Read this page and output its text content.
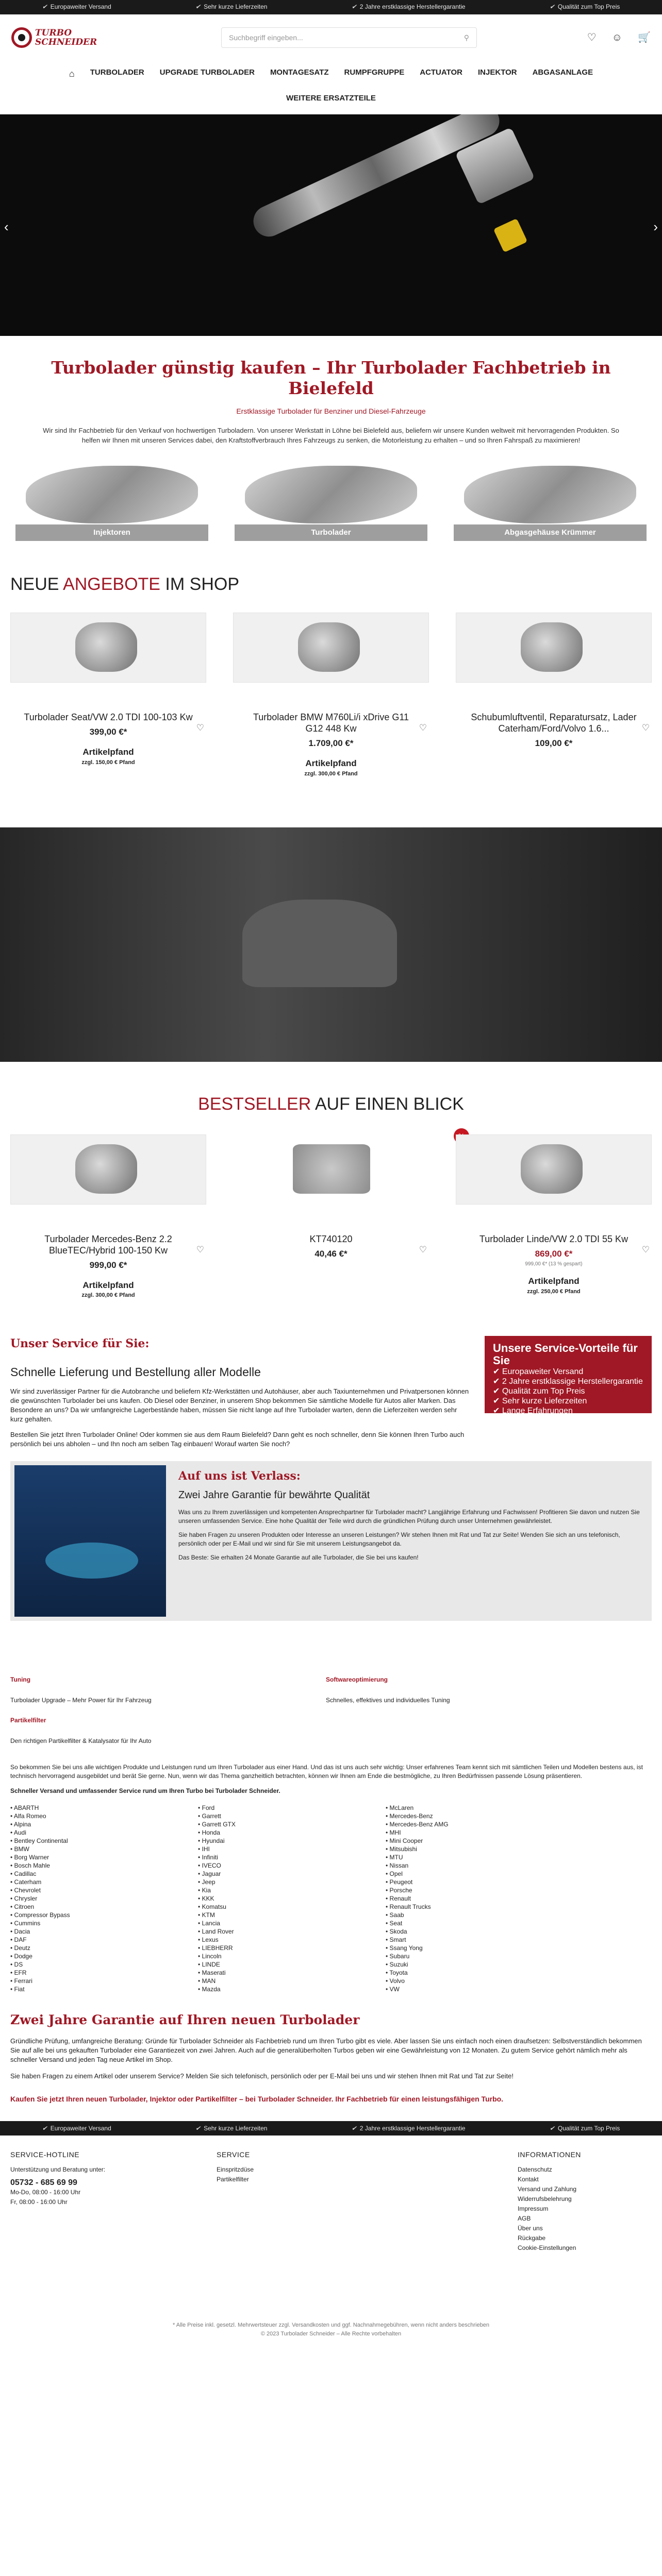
✔ Europaweiter Versand	✔ Sehr kurze Lieferzeiten	✔ 2 Jahre erstklassige Herstellergarantie	✔ Qualität zum Top Preis
TURBO
SCHNEIDER	Suchbegriff eingeben...	⚲	♡ ☺ 🛒
⌂	TURBOLADER	UPGRADE TURBOLADER	MONTAGESATZ	RUMPFGRUPPE	ACTUATOR	INJEKTOR	ABGASANLAGE
WEITERE ERSATZTEILE
‹	›
Turbolader günstig kaufen – Ihr Turbolader Fachbetrieb in Bielefeld
Erstklassige Turbolader für Benziner und Diesel-Fahrzeuge

Wir sind Ihr Fachbetrieb für den Verkauf von hochwertigen Turboladern. Von unserer Werkstatt in Löhne bei Bielefeld aus, beliefern wir unsere Kunden weltweit mit hervorragenden Produkten. So helfen wir Ihnen mit unseren Services dabei, den Kraftstoffverbrauch Ihres Fahrzeugs zu senken, die Motorleistung zu erhalten – und so Ihren Fahrspaß zu maximieren!

Injektoren	Turbolader	Abgasgehäuse Krümmer
NEUE ANGEBOTE IM SHOP
♡
Turbolader Seat/VW 2.0 TDI 100-103 Kw
399,00 €*
Artikelpfand
zzgl. 150,00 € Pfand
♡
Turbolader BMW M760Li/i xDrive G11 G12 448 Kw
1.709,00 €*
Artikelpfand
zzgl. 300,00 € Pfand
♡
Schubumluftventil, Reparatursatz, Lader Caterham/Ford/Volvo 1.6...
109,00 €*
BESTSELLER AUF EINEN BLICK
♡
Turbolader Mercedes-Benz 2.2 BlueTEC/Hybrid 100-150 Kw
999,00 €*
Artikelpfand
zzgl. 300,00 € Pfand
♡
KT740120
40,46 €*	♡
Turbolader Linde/VW 2.0 TDI 55 Kw
869,00 €*
999,00 €* (13 % gespart)
Artikelpfand
zzgl. 250,00 € Pfand
Unser Service für Sie:
Schnelle Lieferung und Bestellung aller Modelle

Wir sind zuverlässiger Partner für die Autobranche und beliefern Kfz-Werkstätten und Autohäuser, aber auch Taxiunternehmen und Privatpersonen können die gewünschten Turbolader bei uns kaufen. Ob Diesel oder Benziner, in unserem Shop bekommen Sie sämtliche Modelle für Autos aller Marken. Das Besondere an uns? Da wir umfangreiche Lagerbestände haben, müssen Sie nicht lange auf Ihre Turbolader warten, denn die Lieferzeiten werden sehr kurz gehalten.

Bestellen Sie jetzt Ihren Turbolader Online! Oder kommen sie aus dem Raum Bielefeld? Dann geht es noch schneller, denn Sie können Ihren Turbo auch persönlich bei uns abholen – und Ihn noch am selben Tag einbauen! Worauf warten Sie noch?

Unsere Service-Vorteile für Sie
✔ Europaweiter Versand
✔ 2 Jahre erstklassige Herstellergarantie
✔ Qualität zum Top Preis
✔ Sehr kurze Lieferzeiten
✔ Lange Erfahrungen
Auf uns ist Verlass:
Zwei Jahre Garantie für bewährte Qualität

Was uns zu Ihrem zuverlässigen und kompetenten Ansprechpartner für Turbolader macht? Langjährige Erfahrung und Fachwissen! Profitieren Sie davon und nutzen Sie unseren umfassenden Service. Eine hohe Qualität der Teile wird durch die gründlichen Prüfung durch unser Unternehmen gewährleistet.

Sie haben Fragen zu unseren Produkten oder Interesse an unseren Leistungen? Wir stehen Ihnen mit Rat und Tat zur Seite! Wenden Sie sich an uns telefonisch, persönlich oder per E-Mail und wir sind für Sie mit unserem Leistungsangebot da.

Das Beste: Sie erhalten 24 Monate Garantie auf alle Turbolader, die Sie bei uns kaufen!

Tuning
Turbolader Upgrade – Mehr Power für Ihr Fahrzeug
Partikelfilter
Den richtigen Partikelfilter & Katalysator für Ihr Auto
Softwareoptimierung
Schnelles, effektives und individuelles Tuning

So bekommen Sie bei uns alle wichtigen Produkte und Leistungen rund um Ihren Turbolader aus einer Hand. Und das ist uns auch sehr wichtig: Unser erfahrenes Team kennt sich mit sämtlichen Teilen und Modellen bestens aus, ist technisch hervorragend ausgebildet und berät Sie gerne. Nun, wenn wir das Thema ganzheitlich betrachten, können wir Ihnen am Ende die bestmögliche, zu Ihren Bedürfnissen passende Lösung präsentieren.

Schneller Versand und umfassender Service rund um Ihren Turbo bei Turbolader Schneider.

• ABARTH
• Alfa Romeo
• Alpina
• Audi
• Bentley Continental
• BMW
• Borg Warner
• Bosch Mahle
• Cadillac
• Caterham
• Chevrolet
• Chrysler
• Citroen
• Compressor Bypass
• Cummins
• Dacia
• DAF
• Deutz
• Dodge
• DS
• EFR
• Ferrari
• Fiat
• Ford
• Garrett
• Garrett GTX
• Honda
• Hyundai
• IHI
• Infiniti
• IVECO
• Jaguar
• Jeep
• Kia
• KKK
• Komatsu
• KTM
• Lancia
• Land Rover
• Lexus
• LIEBHERR
• Lincoln
• LINDE
• Maserati
• MAN
• Mazda
• McLaren
• Mercedes-Benz
• Mercedes-Benz AMG
• MHI
• Mini Cooper
• Mitsubishi
• MTU
• Nissan
• Opel
• Peugeot
• Porsche
• Renault
• Renault Trucks
• Saab
• Seat
• Skoda
• Smart
• Ssang Yong
• Subaru
• Suzuki
• Toyota
• Volvo
• VW
Zwei Jahre Garantie auf Ihren neuen Turbolader

Gründliche Prüfung, umfangreiche Beratung: Gründe für Turbolader Schneider als Fachbetrieb rund um Ihren Turbo gibt es viele. Aber lassen Sie uns einfach noch einen draufsetzen: Selbstverständlich bekommen Sie auf alle bei uns gekauften Turbolader eine Garantiezeit von zwei Jahren. Auch auf die generalüberholten Turbos geben wir eine Gewährleistung von 12 Monaten. Zu gutem Service gehört nämlich mehr als schneller Versand und jeden Tag neue Artikel im Shop.

Sie haben Fragen zu einem Artikel oder unserem Service? Melden Sie sich telefonisch, persönlich oder per E-Mail bei uns und wir stehen Ihnen mit Rat und Tat zur Seite!

Kaufen Sie jetzt Ihren neuen Turbolader, Injektor oder Partikelfilter – bei Turbolader Schneider. Ihr Fachbetrieb für einen leistungsfähigen Turbo.

✔ Europaweiter Versand	✔ Sehr kurze Lieferzeiten	✔ 2 Jahre erstklassige Herstellergarantie	✔ Qualität zum Top Preis
SERVICE-HOTLINE
Unterstützung und Beratung unter:
05732 - 685 69 99
Mo-Do, 08:00 - 16:00 Uhr
Fr, 08:00 - 16:00 Uhr
SERVICE
Einspritzdüse
Partikelfilter
INFORMATIONEN
Datenschutz
Kontakt
Versand und Zahlung
Widerrufsbelehrung
Impressum
AGB
Über uns
Rückgabe
Cookie-Einstellungen
* Alle Preise inkl. gesetzl. Mehrwertsteuer zzgl. Versandkosten und ggf. Nachnahmegebühren, wenn nicht anders beschrieben
© 2023 Turbolader Schneider – Alle Rechte vorbehalten
